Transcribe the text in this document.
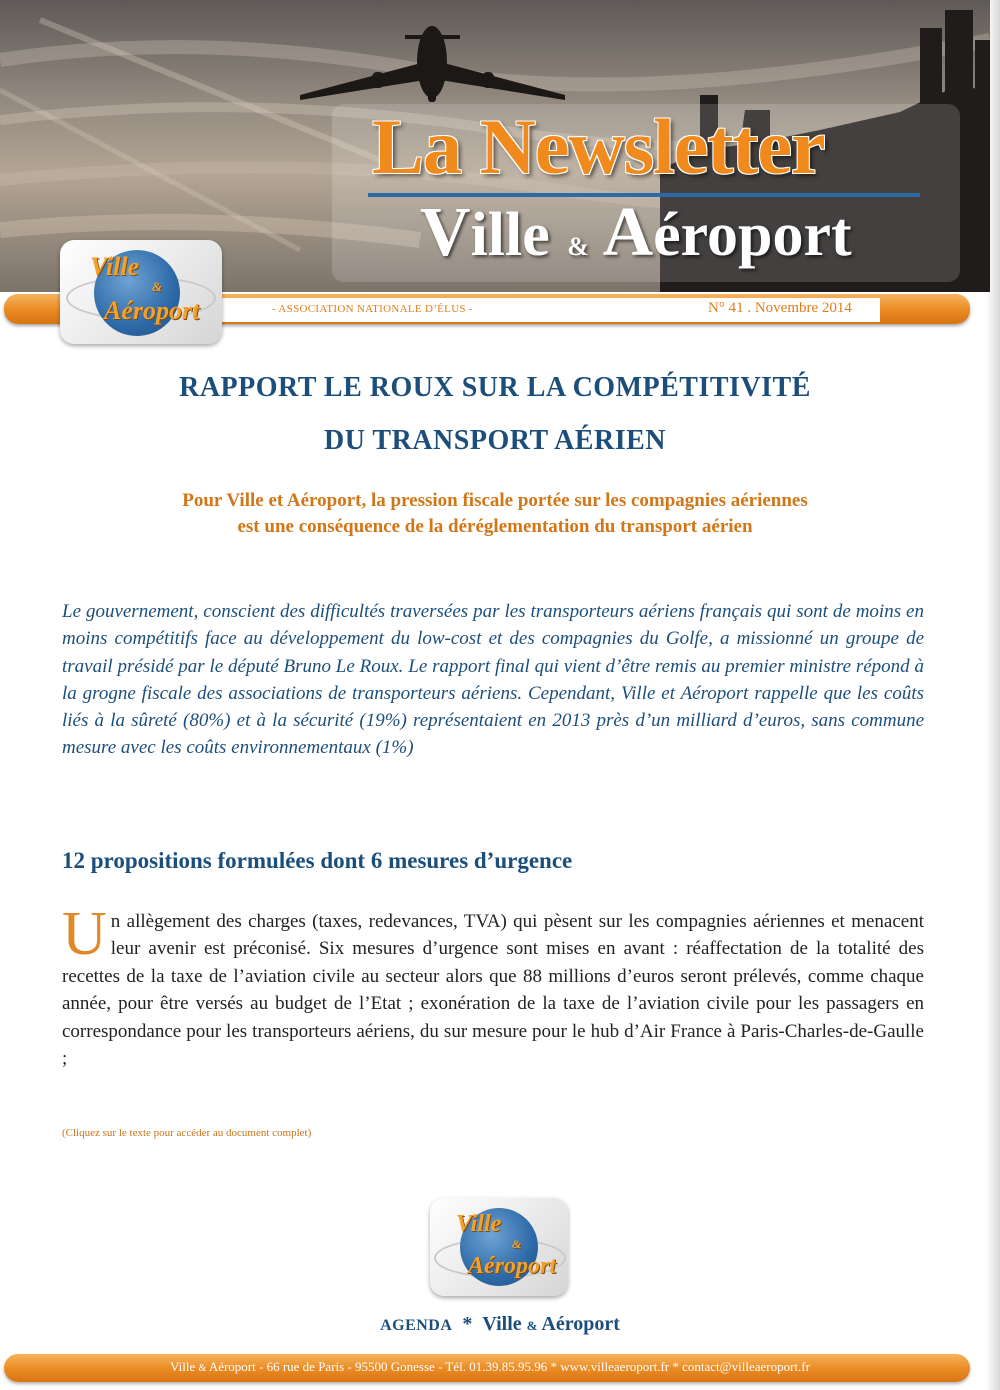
La Newsletter
Ville & Aéroport
- ASSOCIATION NATIONALE D’ÉLUS -	N° 41 . Novembre 2014
Ville
&
Aéroport
RAPPORT LE ROUX SUR LA COMPÉTITIVITÉ
DU TRANSPORT AÉRIEN
Pour Ville et Aéroport, la pression fiscale portée sur les compagnies aériennes
est une conséquence de la déréglementation du transport aérien
Le gouvernement, conscient des difficultés traversées par les transporteurs aériens français qui sont de moins en moins compétitifs face au développement du low-cost et des compagnies du Golfe, a missionné un groupe de travail présidé par le député Bruno Le Roux. Le rapport final qui vient d’être remis au premier ministre répond à la grogne fiscale des associations de transporteurs aériens. Cependant, Ville et Aéroport rappelle que les coûts liés à la sûreté (80%) et à la sécurité (19%) représentaient en 2013 près d’un milliard d’euros, sans commune mesure avec les coûts environnementaux (1%)
12 propositions formulées dont 6 mesures d’urgence
Un allègement des charges (taxes, redevances, TVA) qui pèsent sur les compagnies aériennes et menacent leur avenir est préconisé. Six mesures d’urgence sont mises en avant : réaffectation de la totalité des recettes de la taxe de l’aviation civile au secteur alors que 88 millions d’euros seront prélevés, comme chaque année, pour être versés au budget de l’Etat ; exonération de la taxe de l’aviation civile pour les passagers en correspondance pour les transporteurs aériens, du sur mesure pour le hub d’Air France à Paris-Charles-de-Gaulle ;
(Cliquez sur le texte pour accéder au document complet)
Ville
&
Aéroport
AGENDA * Ville & Aéroport
Ville & Aéroport - 66 rue de Paris - 95500 Gonesse - Tél. 01.39.85.95.96 * www.villeaeroport.fr * contact@villeaeroport.fr
